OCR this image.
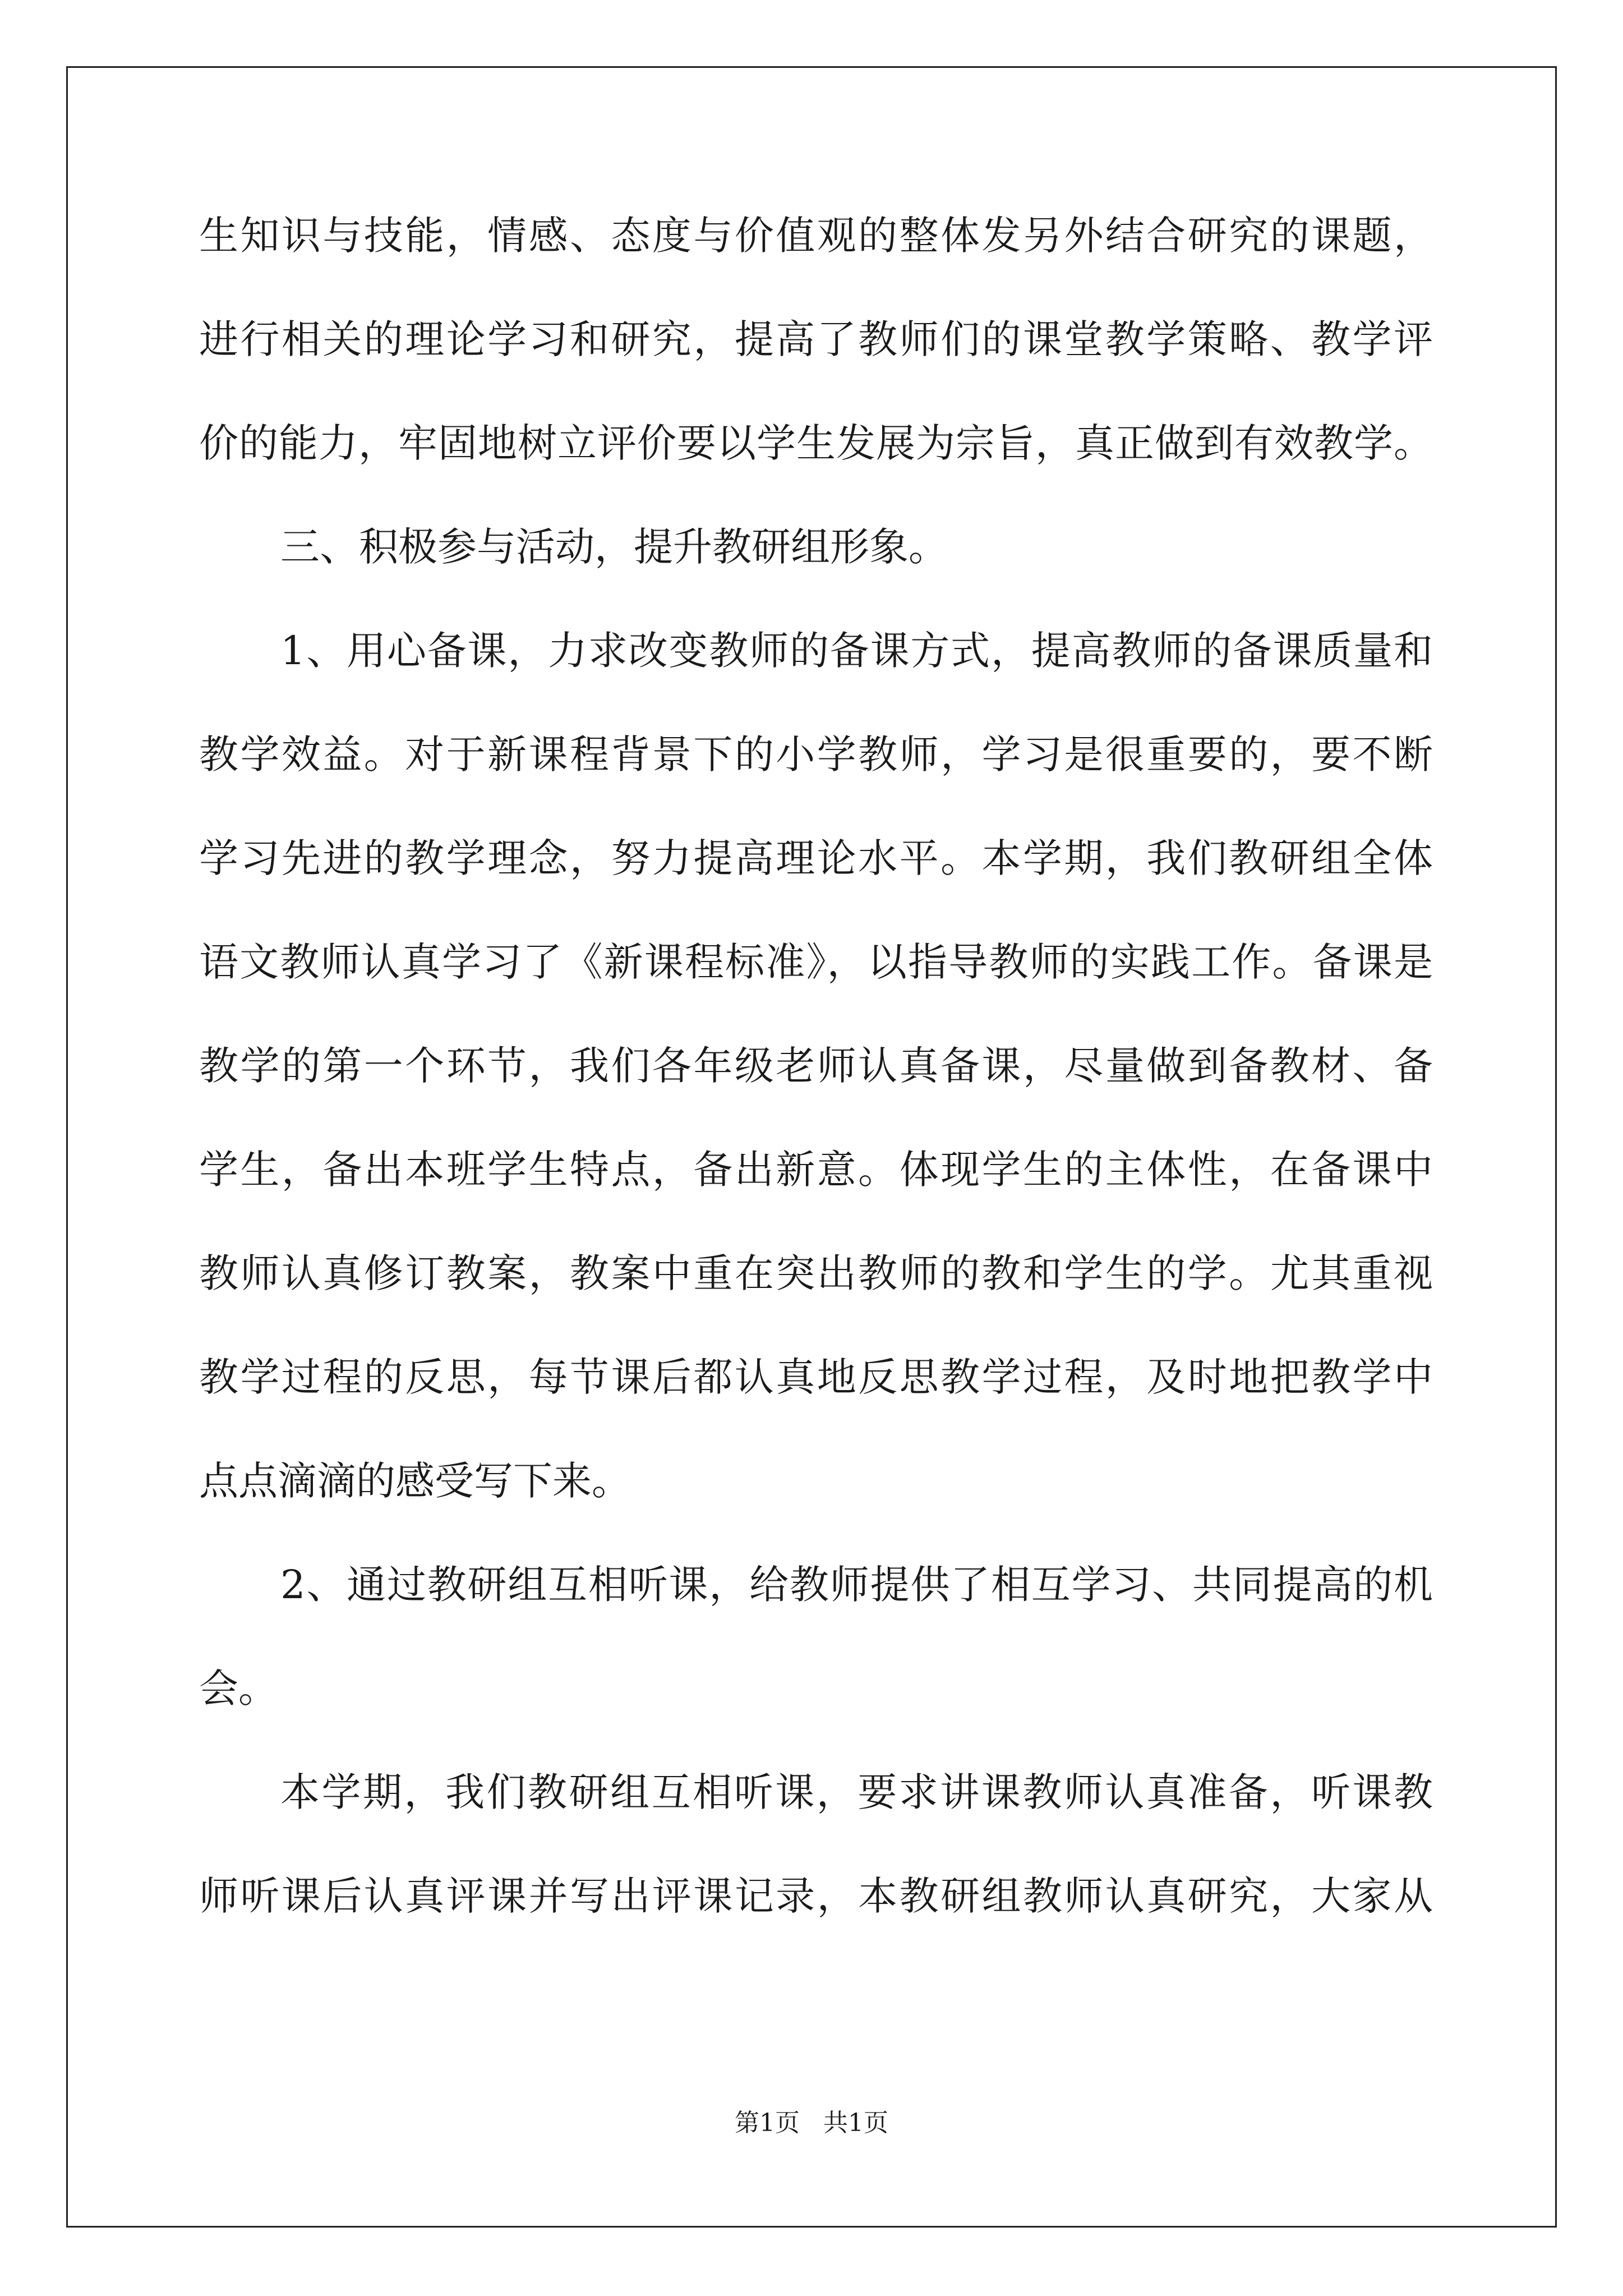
生知识与技能，情感、态度与价值观的整体发另外结合研究的课题，
进行相关的理论学习和研究，提高了教师们的课堂教学策略、教学评
价的能力，牢固地树立评价要以学生发展为宗旨，真正做到有效教学。
三、积极参与活动，提升教研组形象。
1、用心备课，力求改变教师的备课方式，提高教师的备课质量和
教学效益。对于新课程背景下的小学教师，学习是很重要的，要不断
学习先进的教学理念，努力提高理论水平。本学期，我们教研组全体
语文教师认真学习了《新课程标准》，以指导教师的实践工作。备课是
教学的第一个环节，我们各年级老师认真备课，尽量做到备教材、备
学生，备出本班学生特点，备出新意。体现学生的主体性，在备课中
教师认真修订教案，教案中重在突出教师的教和学生的学。尤其重视
教学过程的反思，每节课后都认真地反思教学过程，及时地把教学中
点点滴滴的感受写下来。
2、通过教研组互相听课，给教师提供了相互学习、共同提高的机
会。
本学期，我们教研组互相听课，要求讲课教师认真准备，听课教
师听课后认真评课并写出评课记录，本教研组教师认真研究，大家从
第1页   共1页
